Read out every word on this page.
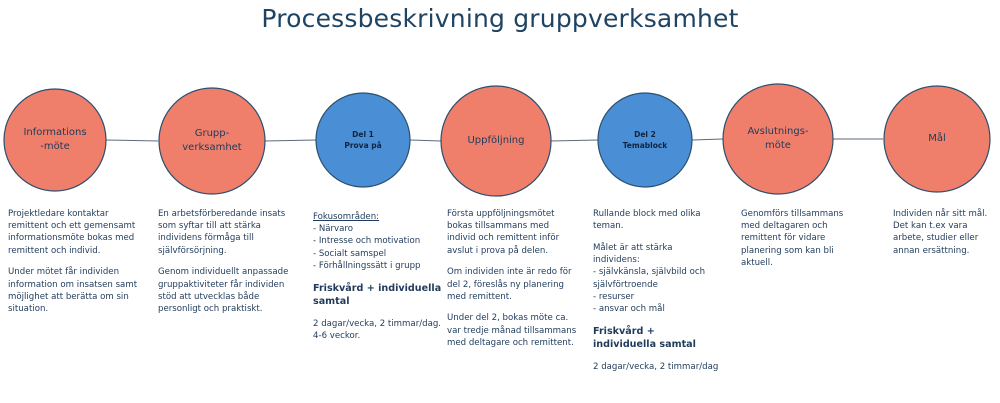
Processbeskrivning gruppverksamhet
Informations
-möte
Grupp-
verksamhet
Del 1
Prova på	Uppföljning
Del 2
Temablock
Avslutnings-
möte
Mål

Projektledare kontaktar remittent och ett gemensamt informationsmöte bokas med remittent och individ.

Under mötet får individen information om insatsen samt möjlighet att berätta om sin situation.

En arbetsförberedande insats som syftar till att stärka individens förmåga till självförsörjning.

Genom individuellt anpassade gruppaktiviteter får individen stöd att utvecklas både personligt och praktiskt.

Fokusområden:

- Närvaro
- Intresse och motivation
- Socialt samspel
- Förhållningssätt i grupp

Friskvård + individuella samtal

2 dagar/vecka, 2 timmar/dag.
4-6 veckor.

Första uppföljningsmötet bokas tillsammans med individ och remittent inför avslut i prova på delen.

Om individen inte är redo för del 2, föreslås ny planering med remittent.

Under del 2, bokas möte ca. var tredje månad tillsammans med deltagare och remittent.

Rullande block med olika teman.

Målet är att stärka individens:
- självkänsla, självbild och självförtroende
- resurser
- ansvar och mål

Friskvård + individuella samtal

2 dagar/vecka, 2 timmar/dag

Genomförs tillsammans med deltagaren och remittent för vidare planering som kan bli aktuell.

Individen når sitt mål. Det kan t.ex vara arbete, studier eller annan ersättning.
